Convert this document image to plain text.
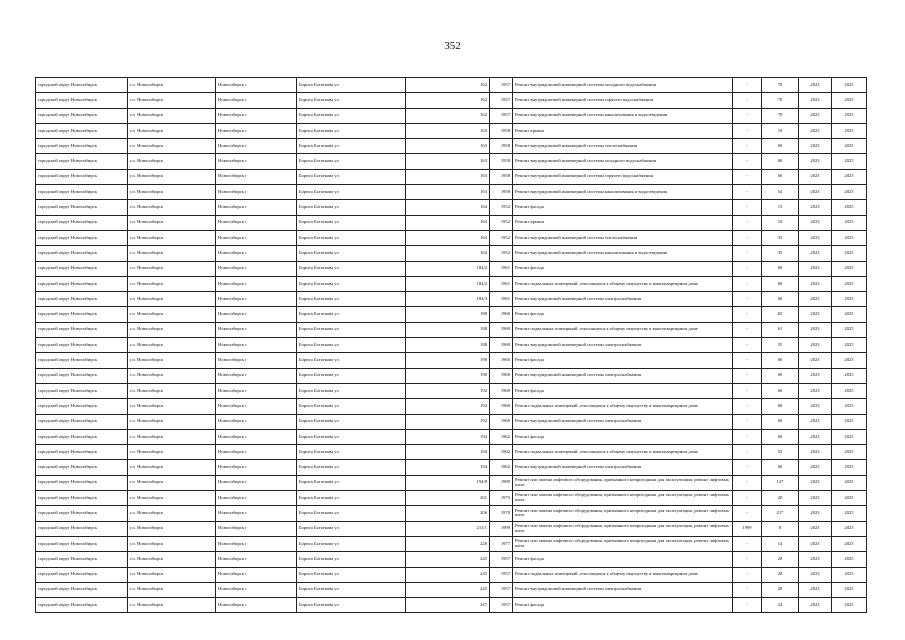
352
городской округ Новосибирск	г.о. Новосибирск	Новосибирск г	Бориса Богаткова ул	162	1957	Ремонт внутридомовой инженерной системы холодного водоснабжения	-	70	2023	2025
городской округ Новосибирск	г.о. Новосибирск	Новосибирск г	Бориса Богаткова ул	162	1957	Ремонт внутридомовой инженерной системы горячего водоснабжения	-	70	2023	2025
городской округ Новосибирск	г.о. Новосибирск	Новосибирск г	Бориса Богаткова ул	162	1957	Ремонт внутридомовой инженерной системы канализования и водоотведения	-	70	2023	2025
городской округ Новосибирск	г.о. Новосибирск	Новосибирск г	Бориса Богаткова ул	163	1958	Ремонт крыши	-	10	2023	2025
городской округ Новосибирск	г.о. Новосибирск	Новосибирск г	Бориса Богаткова ул	163	1958	Ремонт внутридомовой инженерной системы теплоснабжения	-	60	2023	2025
городской округ Новосибирск	г.о. Новосибирск	Новосибирск г	Бориса Богаткова ул	163	1958	Ремонт внутридомовой инженерной системы холодного водоснабжения	-	60	2023	2025
городской округ Новосибирск	г.о. Новосибирск	Новосибирск г	Бориса Богаткова ул	163	1958	Ремонт внутридомовой инженерной системы горячего водоснабжения	-	60	2023	2025
городской округ Новосибирск	г.о. Новосибирск	Новосибирск г	Бориса Богаткова ул	163	1958	Ремонт внутридомовой инженерной системы канализования и водоотведения	-	54	2023	2025
городской округ Новосибирск	г.о. Новосибирск	Новосибирск г	Бориса Богаткова ул	164	1952	Ремонт фасада	-	15	2023	2025
городской округ Новосибирск	г.о. Новосибирск	Новосибирск г	Бориса Богаткова ул	164	1952	Ремонт крыши	-	10	2023	2025
городской округ Новосибирск	г.о. Новосибирск	Новосибирск г	Бориса Богаткова ул	164	1952	Ремонт внутридомовой инженерной системы теплоснабжения	-	35	2023	2025
городской округ Новосибирск	г.о. Новосибирск	Новосибирск г	Бориса Богаткова ул	164	1952	Ремонт внутридомовой инженерной системы канализования и водоотведения	-	35	2023	2025
городской округ Новосибирск	г.о. Новосибирск	Новосибирск г	Бориса Богаткова ул	184/3	1961	Ремонт фасада	-	60	2023	2025
городской округ Новосибирск	г.о. Новосибирск	Новосибирск г	Бориса Богаткова ул	184/3	1961	Ремонт подвальных помещений, относящихся к общему имуществу в многоквартирном доме	-	60	2023	2025
городской округ Новосибирск	г.о. Новосибирск	Новосибирск г	Бориса Богаткова ул	184/3	1961	Ремонт внутридомовой инженерной системы электроснабжения	-	60	2023	2025
городской округ Новосибирск	г.о. Новосибирск	Новосибирск г	Бориса Богаткова ул	188	1960	Ремонт фасада	-	65	2023	2025
городской округ Новосибирск	г.о. Новосибирск	Новосибирск г	Бориса Богаткова ул	188	1960	Ремонт подвальных помещений, относящихся к общему имуществу в многоквартирном доме	-	61	2023	2025
городской округ Новосибирск	г.о. Новосибирск	Новосибирск г	Бориса Богаткова ул	188	1960	Ремонт внутридомовой инженерной системы электроснабжения	-	55	2023	2025
городской округ Новосибирск	г.о. Новосибирск	Новосибирск г	Бориса Богаткова ул	190	1960	Ремонт фасада	-	60	2023	2025
городской округ Новосибирск	г.о. Новосибирск	Новосибирск г	Бориса Богаткова ул	190	1960	Ремонт внутридомовой инженерной системы электроснабжения	-	60	2023	2025
городской округ Новосибирск	г.о. Новосибирск	Новосибирск г	Бориса Богаткова ул	192	1960	Ремонт фасада	-	60	2023	2025
городской округ Новосибирск	г.о. Новосибирск	Новосибирск г	Бориса Богаткова ул	192	1960	Ремонт подвальных помещений, относящихся к общему имуществу в многоквартирном доме	-	60	2023	2025
городской округ Новосибирск	г.о. Новосибирск	Новосибирск г	Бориса Богаткова ул	192	1960	Ремонт внутридомовой инженерной системы электроснабжения	-	60	2023	2025
городской округ Новосибирск	г.о. Новосибирск	Новосибирск г	Бориса Богаткова ул	194	1962	Ремонт фасада	-	60	2023	2025
городской округ Новосибирск	г.о. Новосибирск	Новосибирск г	Бориса Богаткова ул	194	1962	Ремонт подвальных помещений, относящихся к общему имуществу в многоквартирном доме	-	53	2023	2025
городской округ Новосибирск	г.о. Новосибирск	Новосибирск г	Бориса Богаткова ул	194	1962	Ремонт внутридомовой инженерной системы электроснабжения	-	60	2023	2025
городской округ Новосибирск	г.о. Новосибирск	Новосибирск г	Бориса Богаткова ул	194/8	1989	Ремонт или замена лифтового оборудования, признанного непригодным для эксплуатации, ремонт лифтовых шахт	-	12*	2023	2025
городской округ Новосибирск	г.о. Новосибирск	Новосибирск г	Бориса Богаткова ул	201	1975	Ремонт или замена лифтового оборудования, признанного непригодным для эксплуатации, ремонт лифтовых шахт	-	20	2023	2025
городской округ Новосибирск	г.о. Новосибирск	Новосибирск г	Бориса Богаткова ул	206	1978	Ремонт или замена лифтового оборудования, признанного непригодным для эксплуатации, ремонт лифтовых шахт	-	21*	2023	2025
городской округ Новосибирск	г.о. Новосибирск	Новосибирск г	Бориса Богаткова ул	213/1	1999	Ремонт или замена лифтового оборудования, признанного непригодным для эксплуатации, ремонт лифтовых шахт	1999	8	2023	2025
городской округ Новосибирск	г.о. Новосибирск	Новосибирск г	Бориса Богаткова ул	228	1977	Ремонт или замена лифтового оборудования, признанного непригодным для эксплуатации, ремонт лифтовых шахт	-	14	2023	2025
городской округ Новосибирск	г.о. Новосибирск	Новосибирск г	Бориса Богаткова ул	245	1957	Ремонт фасада	-	28	2023	2025
городской округ Новосибирск	г.о. Новосибирск	Новосибирск г	Бориса Богаткова ул	245	1957	Ремонт подвальных помещений, относящихся к общему имуществу в многоквартирном доме	-	28	2023	2025
городской округ Новосибирск	г.о. Новосибирск	Новосибирск г	Бориса Богаткова ул	245	1957	Ремонт внутридомовой инженерной системы электроснабжения	-	28	2023	2025
городской округ Новосибирск	г.о. Новосибирск	Новосибирск г	Бориса Богаткова ул	247	1957	Ремонт фасада	-	24	2023	2025
